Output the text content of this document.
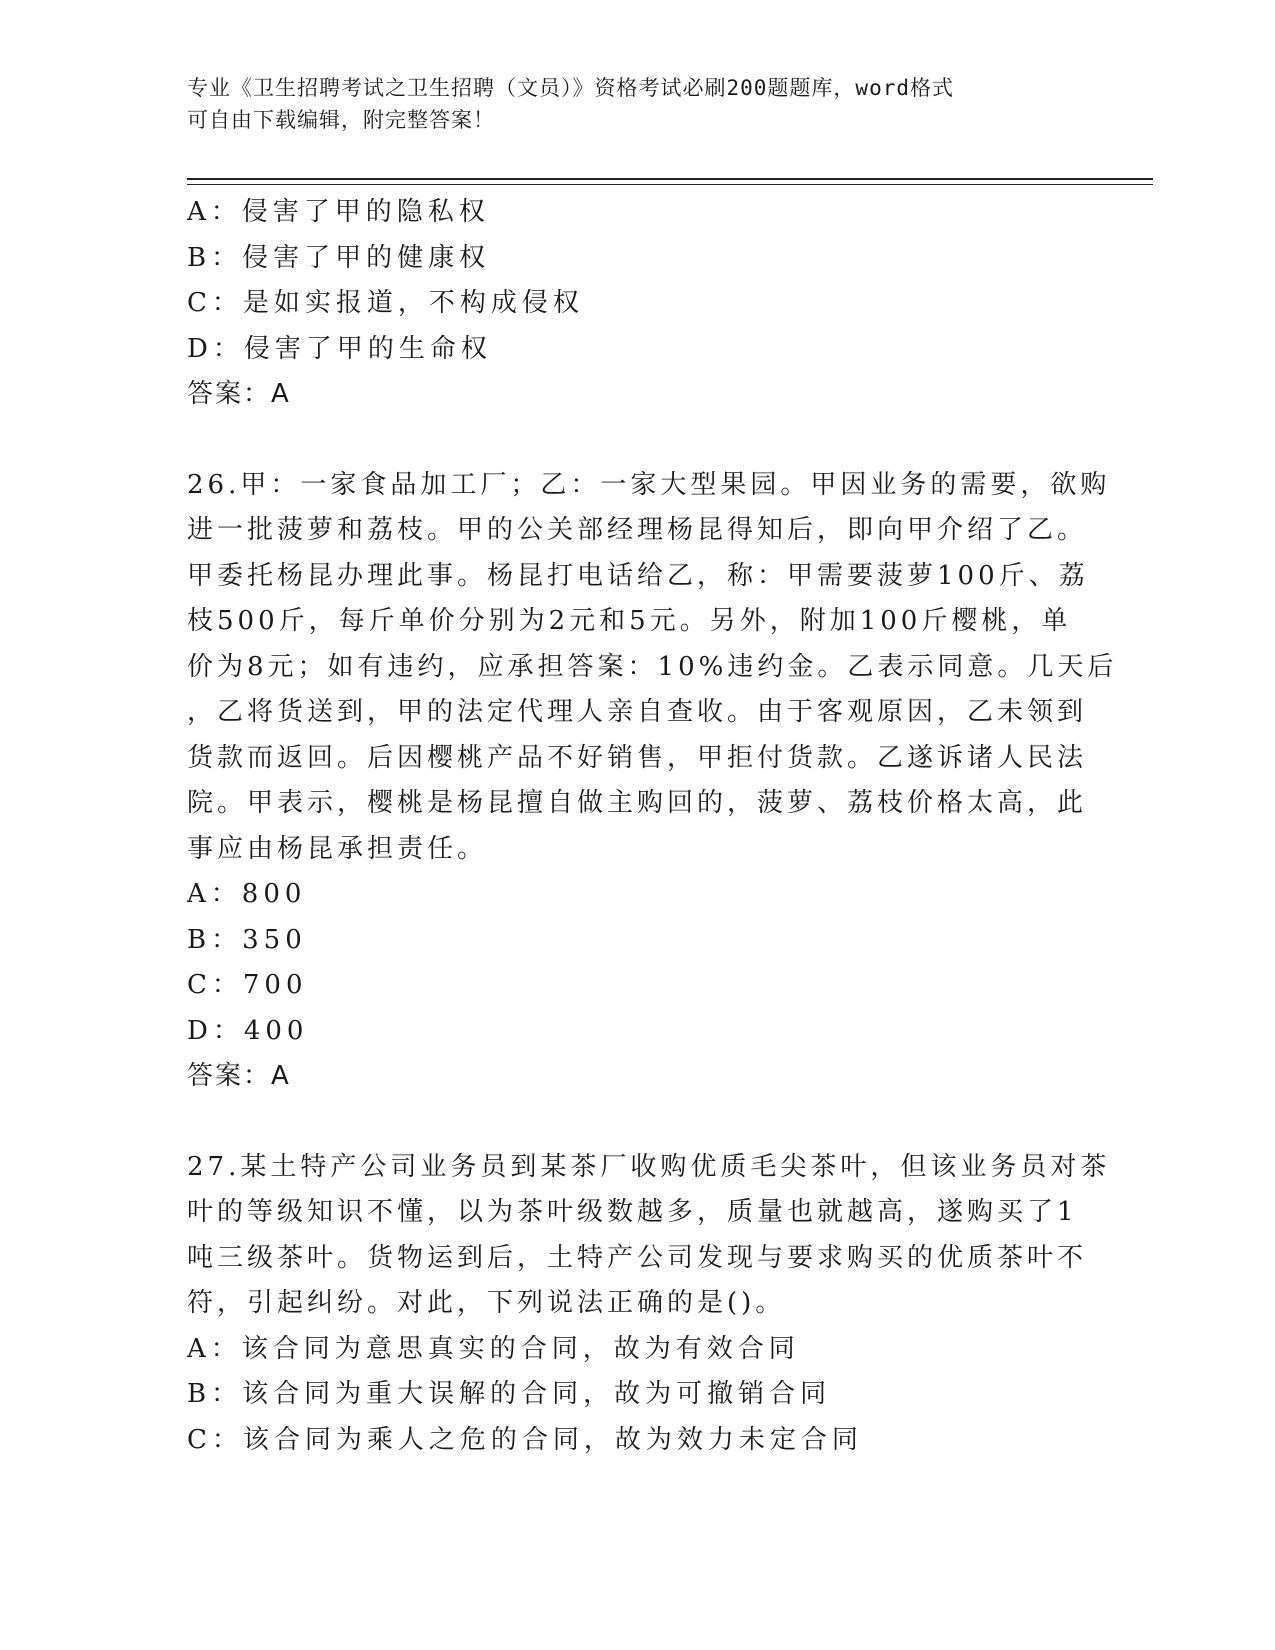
专业《卫生招聘考试之卫生招聘（文员）》资格考试必刷200题题库，word格式
可自由下载编辑，附完整答案！
A：侵害了甲的隐私权
B：侵害了甲的健康权
C：是如实报道，不构成侵权
D：侵害了甲的生命权
答案：A
26.甲：一家食品加工厂；乙：一家大型果园。甲因业务的需要，欲购
进一批菠萝和荔枝。甲的公关部经理杨昆得知后，即向甲介绍了乙。
甲委托杨昆办理此事。杨昆打电话给乙，称：甲需要菠萝100斤、荔
枝500斤，每斤单价分别为2元和5元。另外，附加100斤樱桃，单
价为8元；如有违约，应承担答案：10%违约金。乙表示同意。几天后
，乙将货送到，甲的法定代理人亲自查收。由于客观原因，乙未领到
货款而返回。后因樱桃产品不好销售，甲拒付货款。乙遂诉诸人民法
院。甲表示，樱桃是杨昆擅自做主购回的，菠萝、荔枝价格太高，此
事应由杨昆承担责任。
A：800
B：350
C：700
D：400
答案：A
27.某土特产公司业务员到某茶厂收购优质毛尖茶叶，但该业务员对茶
叶的等级知识不懂，以为茶叶级数越多，质量也就越高，遂购买了1
吨三级茶叶。货物运到后，土特产公司发现与要求购买的优质茶叶不
符，引起纠纷。对此，下列说法正确的是()。
A：该合同为意思真实的合同，故为有效合同
B：该合同为重大误解的合同，故为可撤销合同
C：该合同为乘人之危的合同，故为效力未定合同
